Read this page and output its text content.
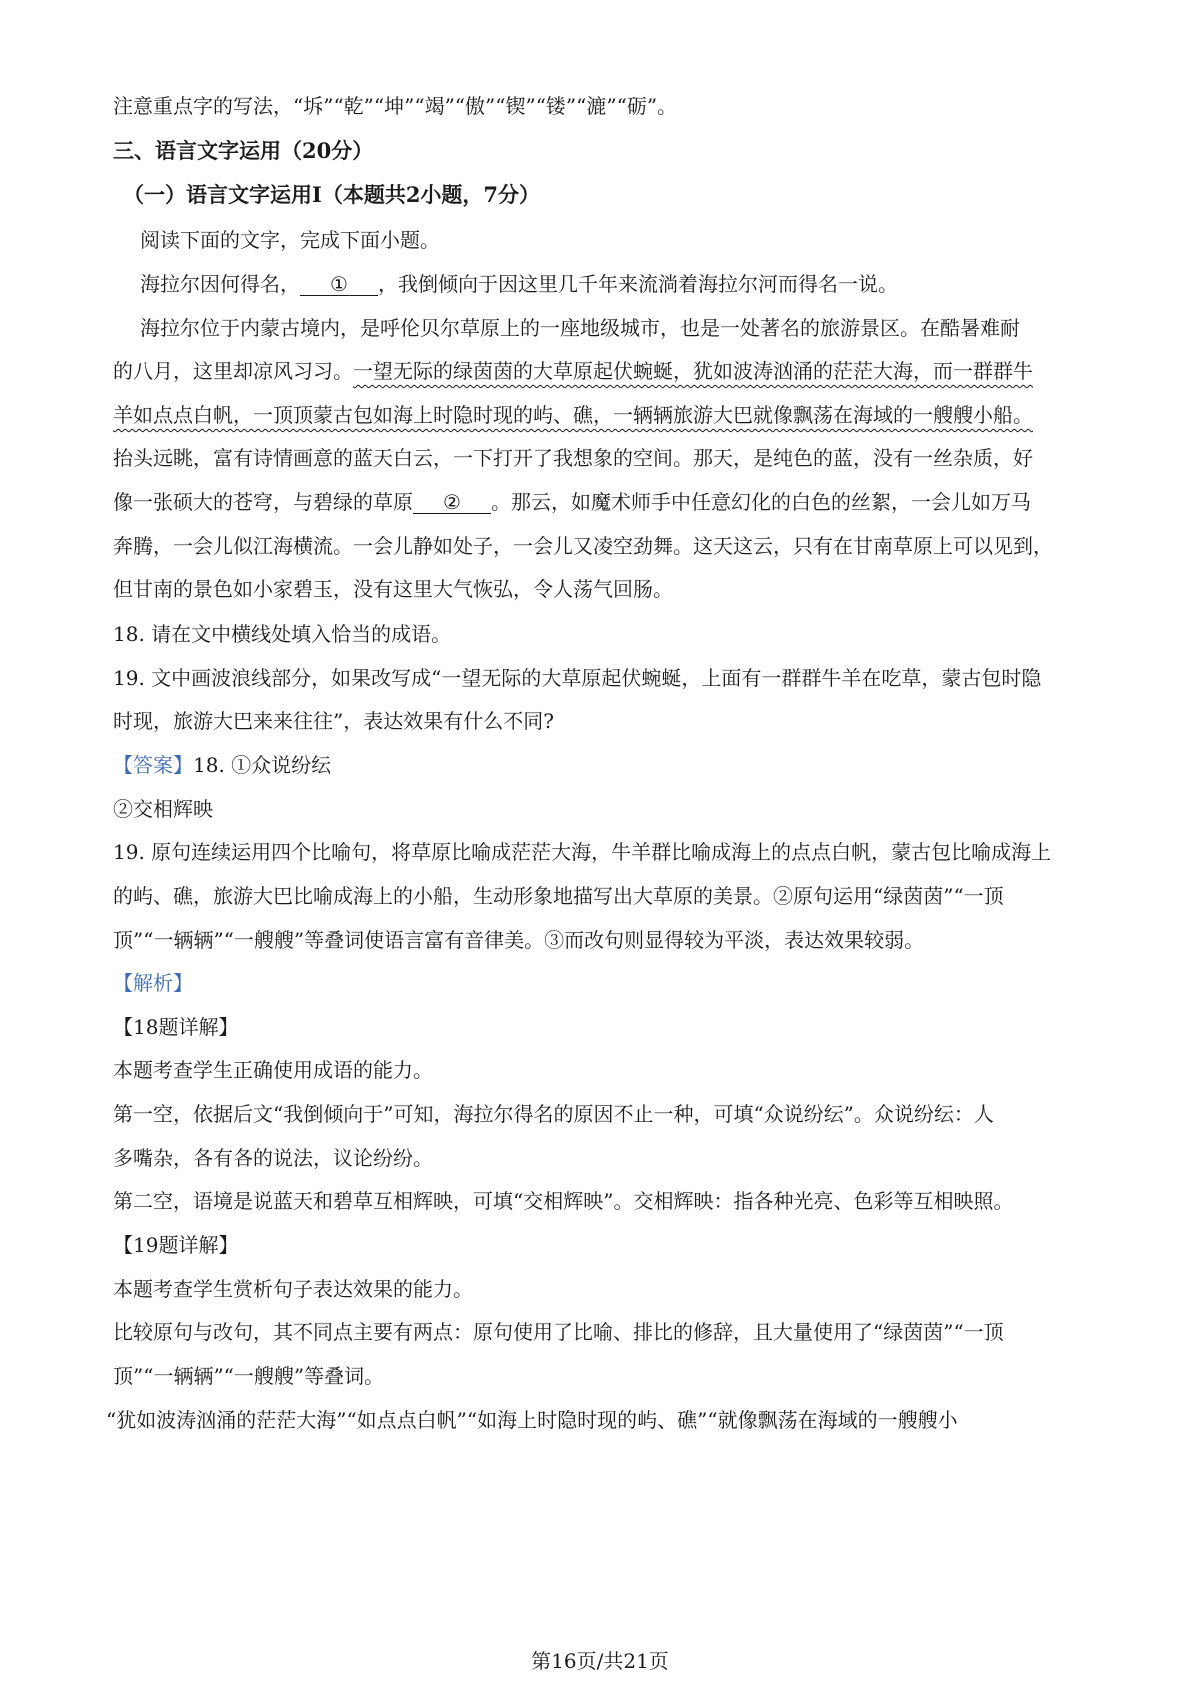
注意重点字的写法，“坼”“乾”“坤”“竭”“傲”“锲”“镂”“漉”“砺”。
三、语言文字运用（20分）
（一）语言文字运用Ⅰ（本题共2小题，7分）
阅读下面的文字，完成下面小题。
海拉尔因何得名， ① ，我倒倾向于因这里几千年来流淌着海拉尔河而得名一说。
海拉尔位于内蒙古境内，是呼伦贝尔草原上的一座地级城市，也是一处著名的旅游景区。在酷暑难耐
的八月，这里却凉风习习。一望无际的绿茵茵的大草原起伏蜿蜒，犹如波涛汹涌的茫茫大海，而一群群牛
羊如点点白帆，一顶顶蒙古包如海上时隐时现的屿、礁，一辆辆旅游大巴就像飘荡在海域的一艘艘小船。
抬头远眺，富有诗情画意的蓝天白云，一下打开了我想象的空间。那天，是纯色的蓝，没有一丝杂质，好
像一张硕大的苍穹，与碧绿的草原 ② 。那云，如魔术师手中任意幻化的白色的丝絮，一会儿如万马
奔腾，一会儿似江海横流。一会儿静如处子，一会儿又凌空劲舞。这天这云，只有在甘南草原上可以见到，
但甘南的景色如小家碧玉，没有这里大气恢弘，令人荡气回肠。
18. 请在文中横线处填入恰当的成语。
19. 文中画波浪线部分，如果改写成“一望无际的大草原起伏蜿蜒，上面有一群群牛羊在吃草，蒙古包时隐
时现，旅游大巴来来往往”，表达效果有什么不同?
【答案】18. ①众说纷纭
②交相辉映
19. 原句连续运用四个比喻句，将草原比喻成茫茫大海，牛羊群比喻成海上的点点白帆，蒙古包比喻成海上
的屿、礁，旅游大巴比喻成海上的小船，生动形象地描写出大草原的美景。②原句运用“绿茵茵”“一顶
顶”“一辆辆”“一艘艘”等叠词使语言富有音律美。③而改句则显得较为平淡，表达效果较弱。
【解析】
【18题详解】
本题考查学生正确使用成语的能力。
第一空，依据后文“我倒倾向于”可知，海拉尔得名的原因不止一种，可填“众说纷纭”。众说纷纭：人
多嘴杂，各有各的说法，议论纷纷。
第二空，语境是说蓝天和碧草互相辉映，可填“交相辉映”。交相辉映：指各种光亮、色彩等互相映照。
【19题详解】
本题考查学生赏析句子表达效果的能力。
比较原句与改句，其不同点主要有两点：原句使用了比喻、排比的修辞，且大量使用了“绿茵茵”“一顶
顶”“一辆辆”“一艘艘”等叠词。
“犹如波涛汹涌的茫茫大海”“如点点白帆”“如海上时隐时现的屿、礁”“就像飘荡在海域的一艘艘小
第16页/共21页
